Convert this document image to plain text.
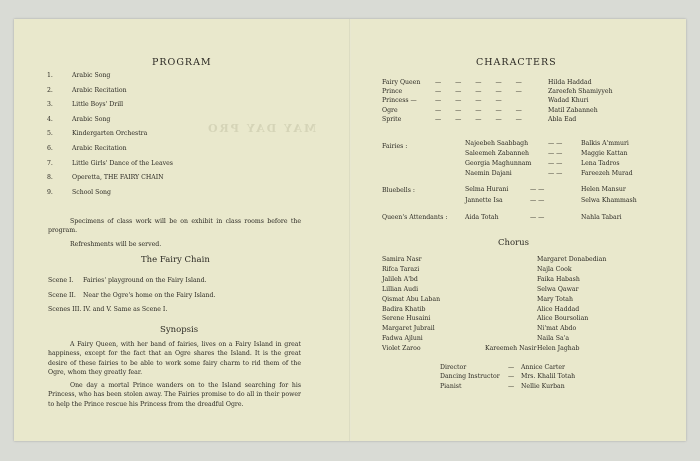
MAY DAY PRO
PROGRAM
1.	Arabic Song
2.	Arabic Recitation
3.	Little Boys' Drill
4.	Arabic Song
5.	Kindergarten Orchestra
6.	Arabic Recitation
7.	Little Girls' Dance of the Leaves
8.	Operetta, THE FAIRY CHAIN
9.	School Song

Specimens of class work will be on exhibit in class rooms before the program.

Refreshments will be served.

The Fairy Chain
Scene I. Fairies' playground on the Fairy Island.
Scene II. Near the Ogre's home on the Fairy Island.
Scenes III. IV. and V. Same as Scene I.
Synopsis

A Fairy Queen, with her band of fairies, lives on a Fairy Island in great happiness, except for the fact that an Ogre shares the Island. It is the great desire of these fairies to be able to work some fairy charm to rid them of the Ogre, whom they greatly fear.

One day a mortal Prince wanders on to the Island searching for his Princess, who has been stolen away. The Fairies promise to do all in their power to help the Prince rescue his Princess from the dreadful Ogre.

CHARACTERS
Fairy Queen — — — — —	Hilda Haddad
Prince	— — — — —	Zareefeh Shamiyyeh
Princess —	— — — —	Wadad Khuri
Ogre	— — — — —	Matil Zabanneh
Sprite	— — — — —	Abla Ead
Fairies :	Najeebeh Saabbagh	— —	Balkis A'mmuri
Saleemeh Zabanneh	— —	Maggie Kattan
Georgia Maghunnam	— —	Lena Tadros
Naemin Dajani	— —	Fareezeh Murad
Bluebells :	Selma Hurani	— —	Helen Mansur
Jannette Isa	— —	Selwa Khammash
Queen's Attendants :	Aida Totah	— —	Nahla Tabari
Chorus
Samira Nasr
Rifca Tarazi
Jalileh A'bd
Lillian Audi
Qismat Abu Laban
Badira Khatib
Serene Husaini
Margaret Jubrail
Fadwa Ajluni
Violet Zaroo
Margaret Donabedian
Najla Cook
Faika Habash
Selwa Qawar
Mary Totah
Alice Haddad
Alice Boursolian
Ni'mat Abdo
Naila Sa'a
Helen Jaghab
Kareemeh Nasir
Director	— Annice Carter
Dancing Instructor — Mrs. Khalil Totah
Pianist	— Nellie Kurban
